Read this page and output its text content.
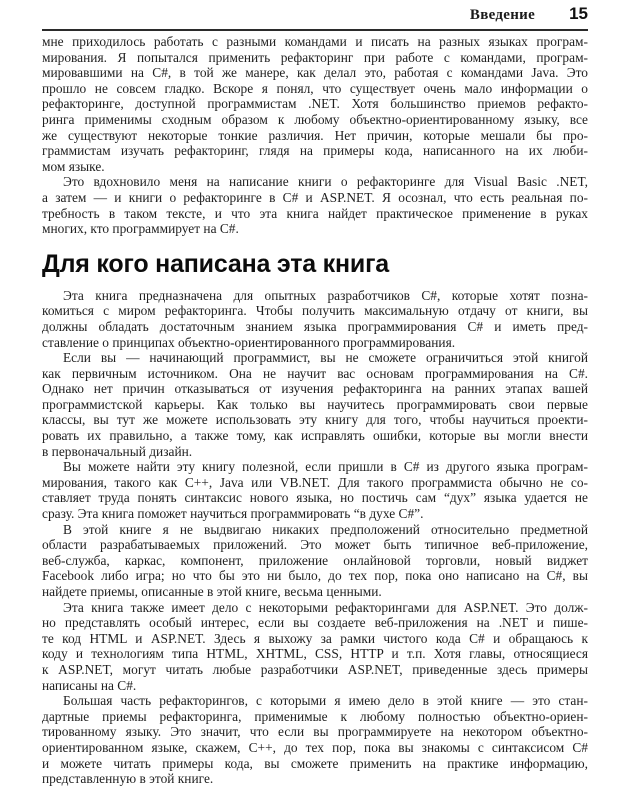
Введение 15
мне приходилось работать с разными командами и писать на разных языках програм-
мирования. Я попытался применить рефакторинг при работе с командами, програм-
мировавшими на C#, в той же манере, как делал это, работая с командами Java. Это
прошло не совсем гладко. Вскоре я понял, что существует очень мало информации о
рефакторинге, доступной программистам .NET. Хотя большинство приемов рефакто-
ринга применимы сходным образом к любому объектно-ориентированному языку, все
же существуют некоторые тонкие различия. Нет причин, которые мешали бы про-
граммистам изучать рефакторинг, глядя на примеры кода, написанного на их люби-
мом языке.
Это вдохновило меня на написание книги о рефакторинге для Visual Basic .NET,
а затем — и книги о рефакторинге в C# и ASP.NET. Я осознал, что есть реальная по-
требность в таком тексте, и что эта книга найдет практическое применение в руках
многих, кто программирует на C#.
Для кого написана эта книга
Эта книга предназначена для опытных разработчиков C#, которые хотят позна-
комиться с миром рефакторинга. Чтобы получить максимальную отдачу от книги, вы
должны обладать достаточным знанием языка программирования C# и иметь пред-
ставление о принципах объектно-ориентированного программирования.
Если вы — начинающий программист, вы не сможете ограничиться этой книгой
как первичным источником. Она не научит вас основам программирования на C#.
Однако нет причин отказываться от изучения рефакторинга на ранних этапах вашей
программистской карьеры. Как только вы научитесь программировать свои первые
классы, вы тут же можете использовать эту книгу для того, чтобы научиться проекти-
ровать их правильно, а также тому, как исправлять ошибки, которые вы могли внести
в первоначальный дизайн.
Вы можете найти эту книгу полезной, если пришли в C# из другого языка програм-
мирования, такого как C++, Java или VB.NET. Для такого программиста обычно не со-
ставляет труда понять синтаксис нового языка, но постичь сам “дух” языка удается не
сразу. Эта книга поможет научиться программировать “в духе C#”.
В этой книге я не выдвигаю никаких предположений относительно предметной
области разрабатываемых приложений. Это может быть типичное веб-приложение,
веб-служба, каркас, компонент, приложение онлайновой торговли, новый виджет
Facebook либо игра; но что бы это ни было, до тех пор, пока оно написано на C#, вы
найдете приемы, описанные в этой книге, весьма ценными.
Эта книга также имеет дело с некоторыми рефакторингами для ASP.NET. Это долж-
но представлять особый интерес, если вы создаете веб-приложения на .NET и пише-
те код HTML и ASP.NET. Здесь я выхожу за рамки чистого кода C# и обращаюсь к
коду и технологиям типа HTML, XHTML, CSS, HTTP и т.п. Хотя главы, относящиеся
к ASP.NET, могут читать любые разработчики ASP.NET, приведенные здесь примеры
написаны на C#.
Большая часть рефакторингов, с которыми я имею дело в этой книге — это стан-
дартные приемы рефакторинга, применимые к любому полностью объектно-ориен-
тированному языку. Это значит, что если вы программируете на некотором объектно-
ориентированном языке, скажем, C++, до тех пор, пока вы знакомы с синтаксисом C#
и можете читать примеры кода, вы сможете применить на практике информацию,
представленную в этой книге.
